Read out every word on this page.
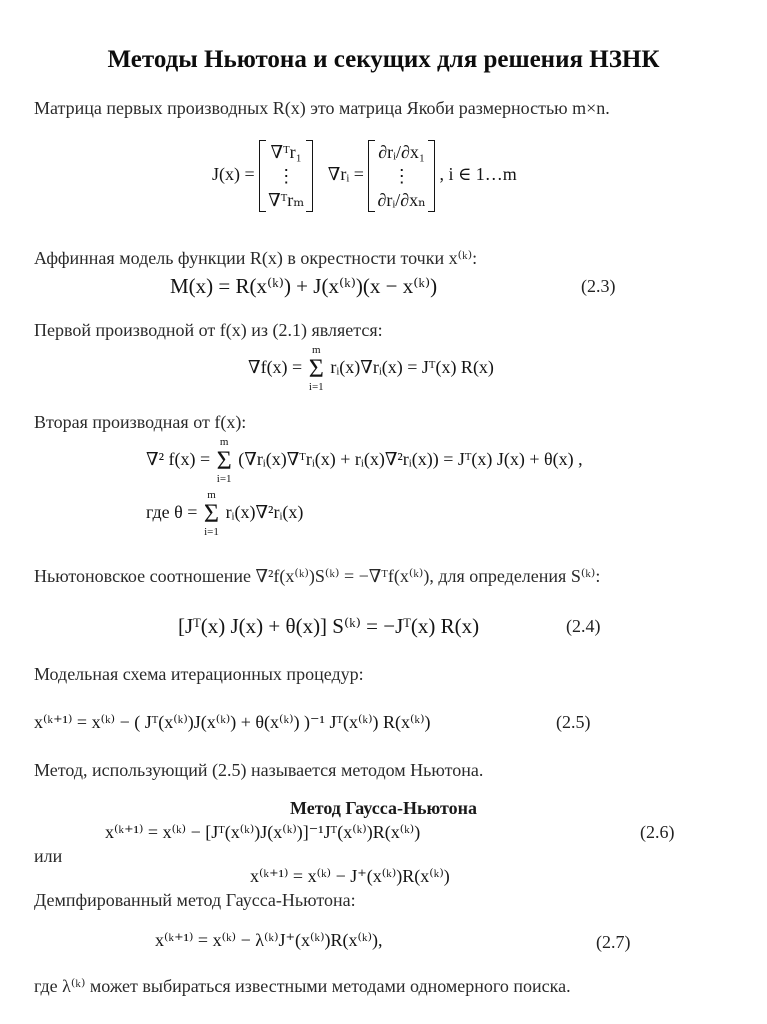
Методы Ньютона и секущих для решения НЗНК
Матрица первых производных R(x) это матрица Якоби размерностью m×n.
J(x) =
∇ᵀr₁
⋮
∇ᵀrₘ
∇rᵢ =
∂rᵢ/∂x₁
⋮
∂rᵢ/∂xₙ
, i ∈ 1…m
Аффинная модель функции R(x) в окрестности точки x⁽ᵏ⁾:
M(x) = R(x⁽ᵏ⁾) + J(x⁽ᵏ⁾)(x − x⁽ᵏ⁾)	(2.3)
Первой производной от f(x) из (2.1) является:
∇f(x) =
m
Σ
i=1
rᵢ(x)∇rᵢ(x) = Jᵀ(x) R(x)
Вторая производная от f(x):
∇² f(x) =
m
Σ
i=1
(∇rᵢ(x)∇ᵀrᵢ(x) + rᵢ(x)∇²rᵢ(x)) = Jᵀ(x) J(x) + θ(x) ,
где θ =
m
Σ
i=1
rᵢ(x)∇²rᵢ(x)
Ньютоновское соотношение ∇²f(x⁽ᵏ⁾)S⁽ᵏ⁾ = −∇ᵀf(x⁽ᵏ⁾), для определения S⁽ᵏ⁾:
[Jᵀ(x) J(x) + θ(x)] S⁽ᵏ⁾ = −Jᵀ(x) R(x)	(2.4)
Модельная схема итерационных процедур:
x⁽ᵏ⁺¹⁾ = x⁽ᵏ⁾ − ( Jᵀ(x⁽ᵏ⁾)J(x⁽ᵏ⁾) + θ(x⁽ᵏ⁾) )⁻¹ Jᵀ(x⁽ᵏ⁾) R(x⁽ᵏ⁾)	(2.5)
Метод, использующий (2.5) называется методом Ньютона.
Метод Гаусса-Ньютона
x⁽ᵏ⁺¹⁾ = x⁽ᵏ⁾ − [Jᵀ(x⁽ᵏ⁾)J(x⁽ᵏ⁾)]⁻¹Jᵀ(x⁽ᵏ⁾)R(x⁽ᵏ⁾)	(2.6)
или
x⁽ᵏ⁺¹⁾ = x⁽ᵏ⁾ − J⁺(x⁽ᵏ⁾)R(x⁽ᵏ⁾)
Демпфированный метод Гаусса-Ньютона:
x⁽ᵏ⁺¹⁾ = x⁽ᵏ⁾ − λ⁽ᵏ⁾J⁺(x⁽ᵏ⁾)R(x⁽ᵏ⁾),	(2.7)
где λ⁽ᵏ⁾ может выбираться известными методами одномерного поиска.
